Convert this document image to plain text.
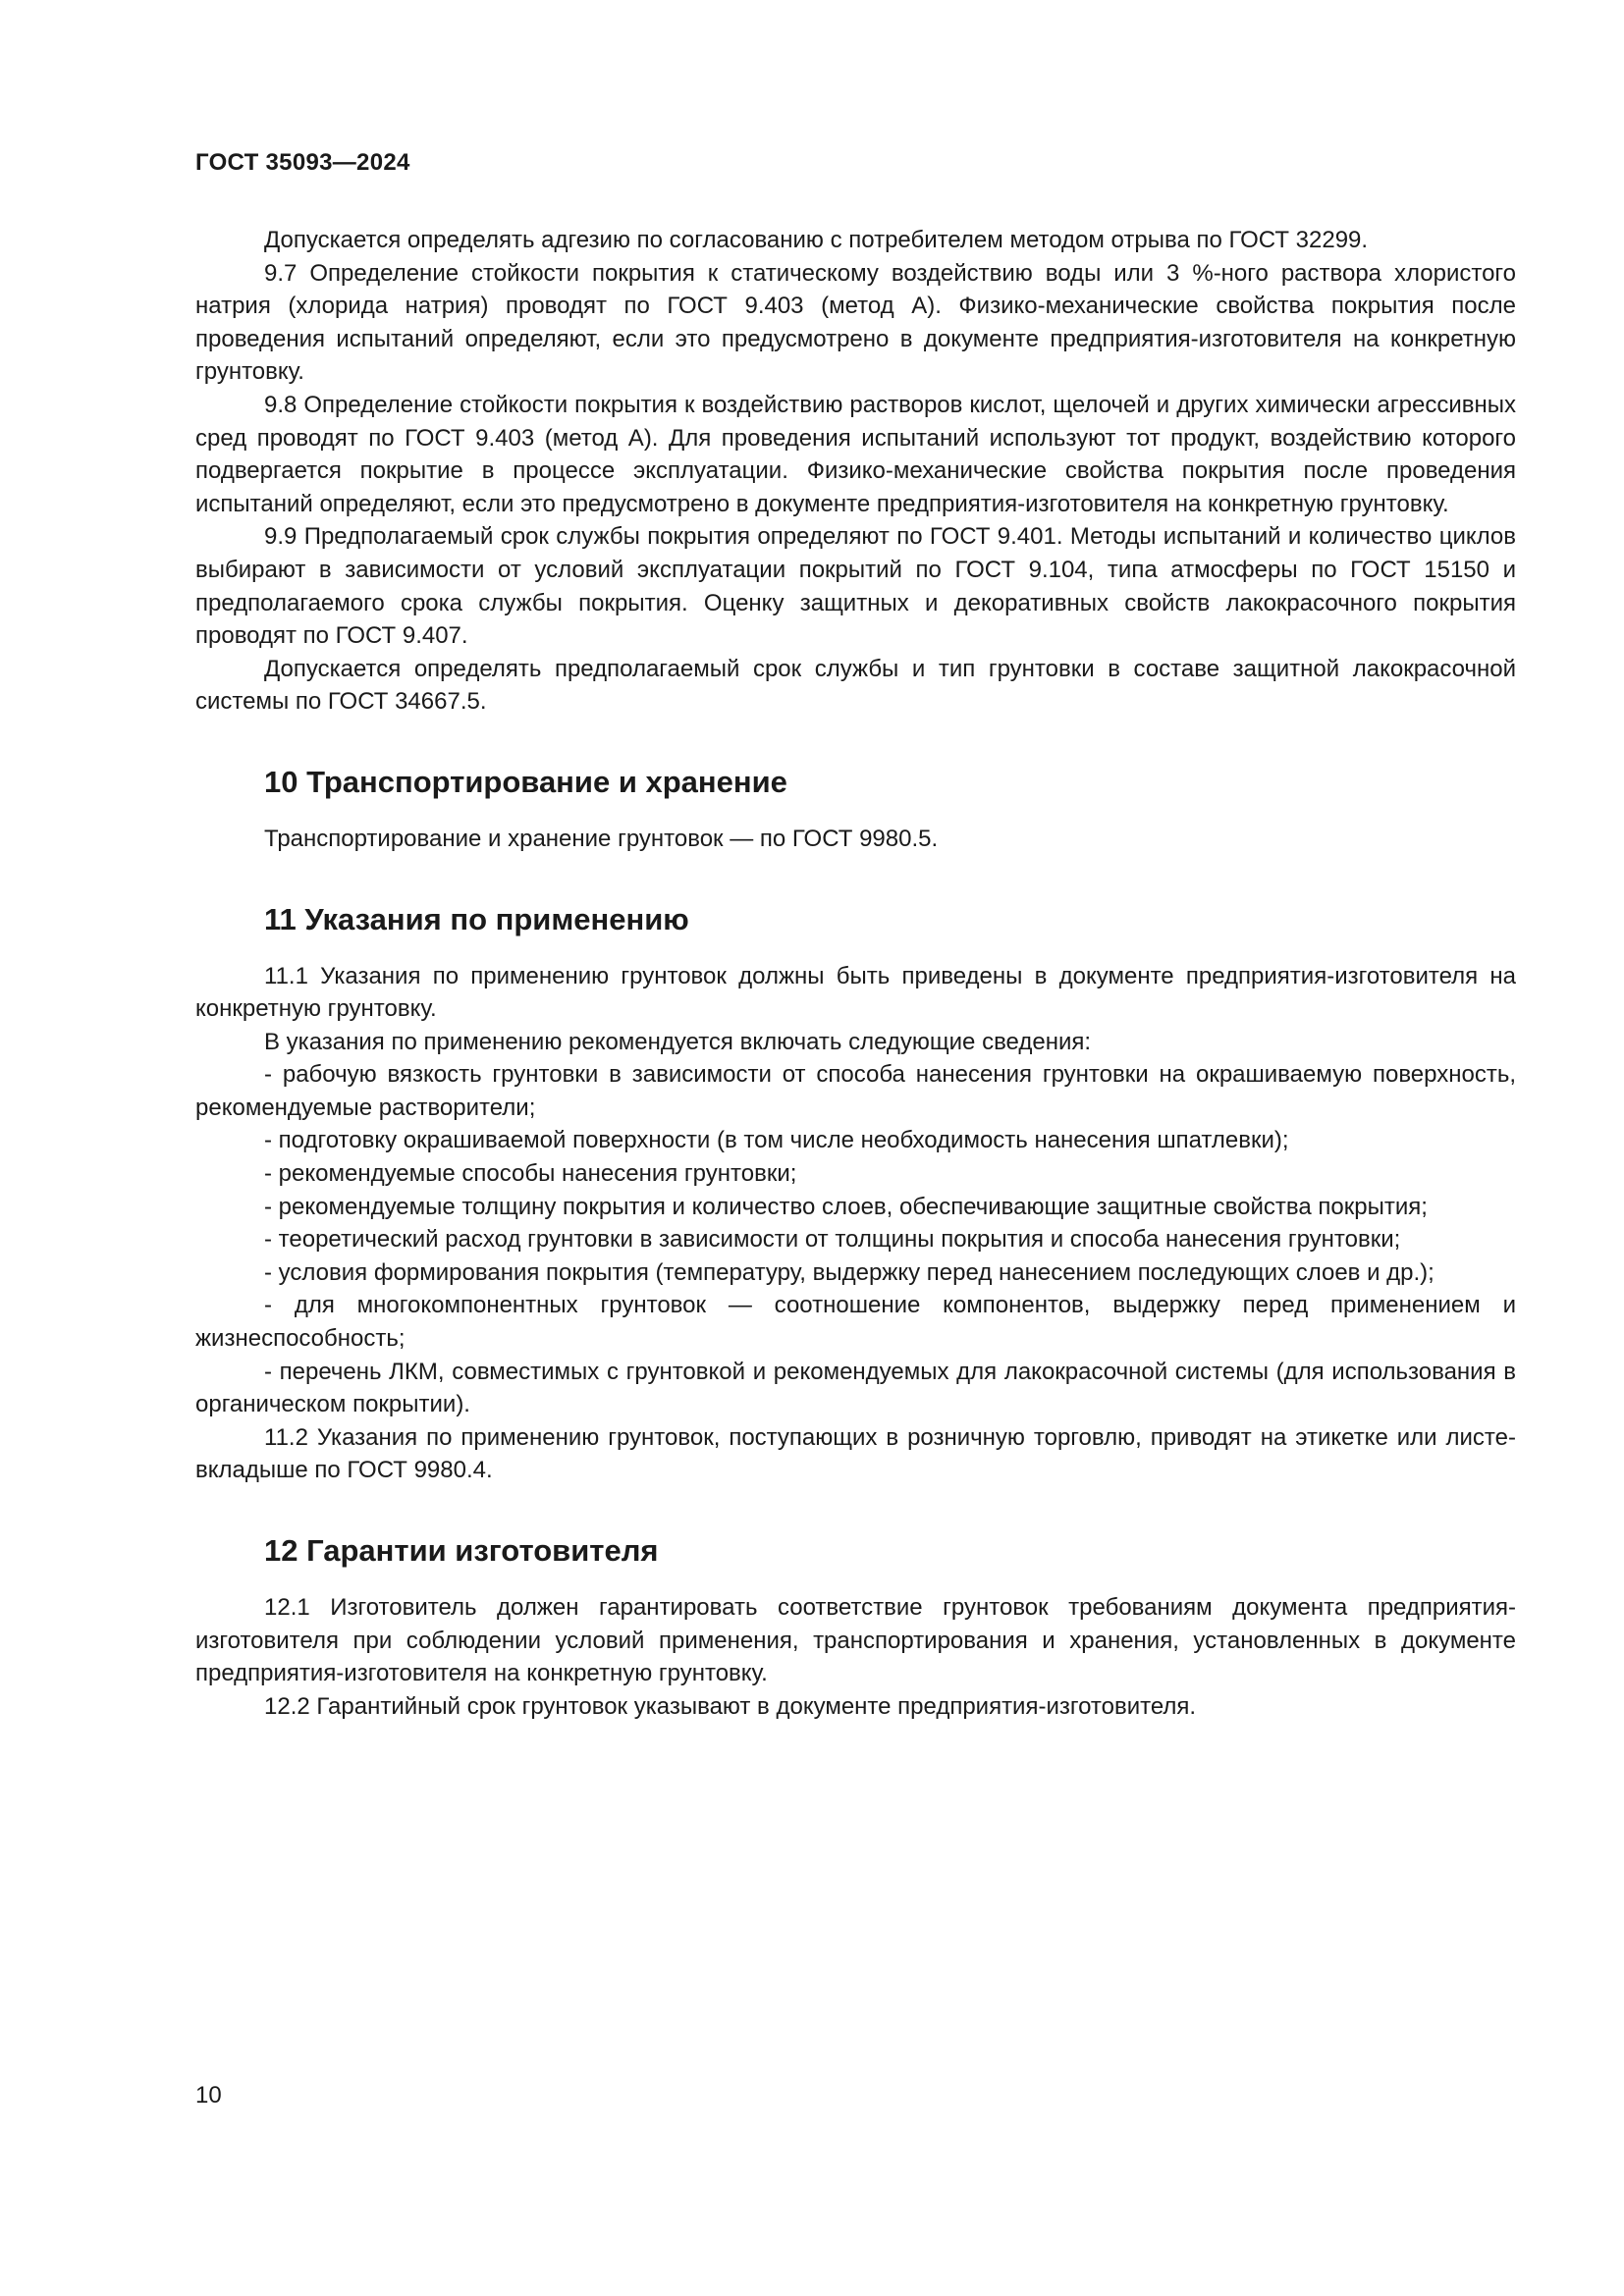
ГОСТ 35093—2024

Допускается определять адгезию по согласованию с потребителем методом отрыва по ГОСТ 32299.

9.7 Определение стойкости покрытия к статическому воздействию воды или 3 %-ного раствора хлористого натрия (хлорида натрия) проводят по ГОСТ 9.403 (метод А). Физико-механические свойства покрытия после проведения испытаний определяют, если это предусмотрено в документе предприятия-изготовителя на конкретную грунтовку.

9.8 Определение стойкости покрытия к воздействию растворов кислот, щелочей и других химически агрессивных сред проводят по ГОСТ 9.403 (метод А). Для проведения испытаний используют тот продукт, воздействию которого подвергается покрытие в процессе эксплуатации. Физико-механические свойства покрытия после проведения испытаний определяют, если это предусмотрено в документе предприятия-изготовителя на конкретную грунтовку.

9.9 Предполагаемый срок службы покрытия определяют по ГОСТ 9.401. Методы испытаний и количество циклов выбирают в зависимости от условий эксплуатации покрытий по ГОСТ 9.104, типа атмосферы по ГОСТ 15150 и предполагаемого срока службы покрытия. Оценку защитных и декоративных свойств лакокрасочного покрытия проводят по ГОСТ 9.407.

Допускается определять предполагаемый срок службы и тип грунтовки в составе защитной лакокрасочной системы по ГОСТ 34667.5.

10 Транспортирование и хранение

Транспортирование и хранение грунтовок — по ГОСТ 9980.5.

11 Указания по применению

11.1 Указания по применению грунтовок должны быть приведены в документе предприятия-изготовителя на конкретную грунтовку.

В указания по применению рекомендуется включать следующие сведения:

- рабочую вязкость грунтовки в зависимости от способа нанесения грунтовки на окрашиваемую поверхность, рекомендуемые растворители;

- подготовку окрашиваемой поверхности (в том числе необходимость нанесения шпатлевки);

- рекомендуемые способы нанесения грунтовки;

- рекомендуемые толщину покрытия и количество слоев, обеспечивающие защитные свойства покрытия;

- теоретический расход грунтовки в зависимости от толщины покрытия и способа нанесения грунтовки;

- условия формирования покрытия (температуру, выдержку перед нанесением последующих слоев и др.);

- для многокомпонентных грунтовок — соотношение компонентов, выдержку перед применением и жизнеспособность;

- перечень ЛКМ, совместимых с грунтовкой и рекомендуемых для лакокрасочной системы (для использования в органическом покрытии).

11.2 Указания по применению грунтовок, поступающих в розничную торговлю, приводят на этикетке или листе-вкладыше по ГОСТ 9980.4.

12 Гарантии изготовителя

12.1 Изготовитель должен гарантировать соответствие грунтовок требованиям документа предприятия-изготовителя при соблюдении условий применения, транспортирования и хранения, установленных в документе предприятия-изготовителя на конкретную грунтовку.

12.2 Гарантийный срок грунтовок указывают в документе предприятия-изготовителя.

10
